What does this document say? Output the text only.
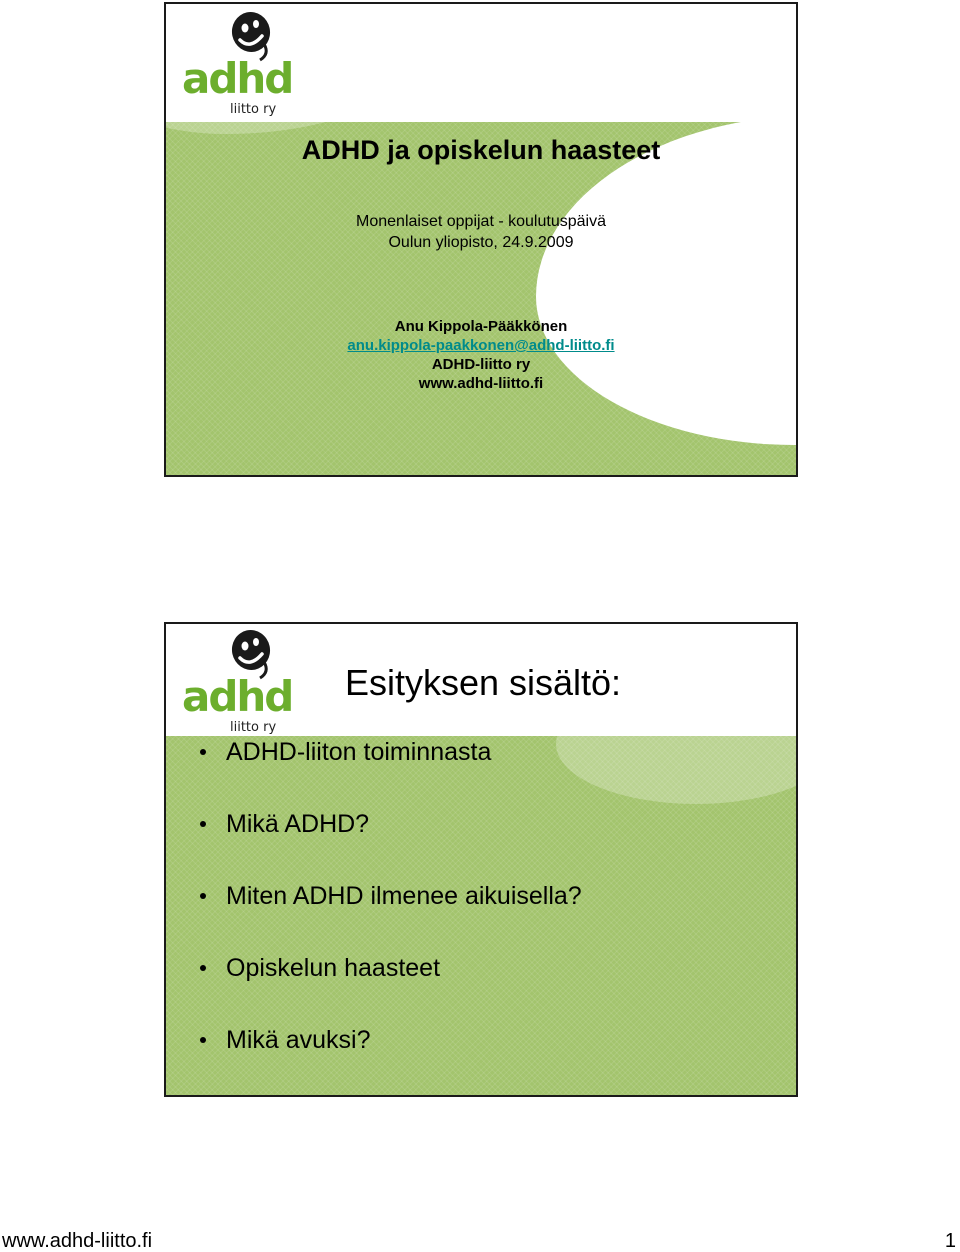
adhd
liitto ry
ADHD ja opiskelun haasteet
Monenlaiset oppijat - koulutuspäivä
Oulun yliopisto, 24.9.2009
Anu Kippola-Pääkkönen
anu.kippola-paakkonen@adhd-liitto.fi
ADHD-liitto ry
www.adhd-liitto.fi
adhd
liitto ry
Esityksen sisältö:
ADHD-liiton toiminnasta
Mikä ADHD?
Miten ADHD ilmenee aikuisella?
Opiskelun haasteet
Mikä avuksi?
www.adhd-liitto.fi	1
